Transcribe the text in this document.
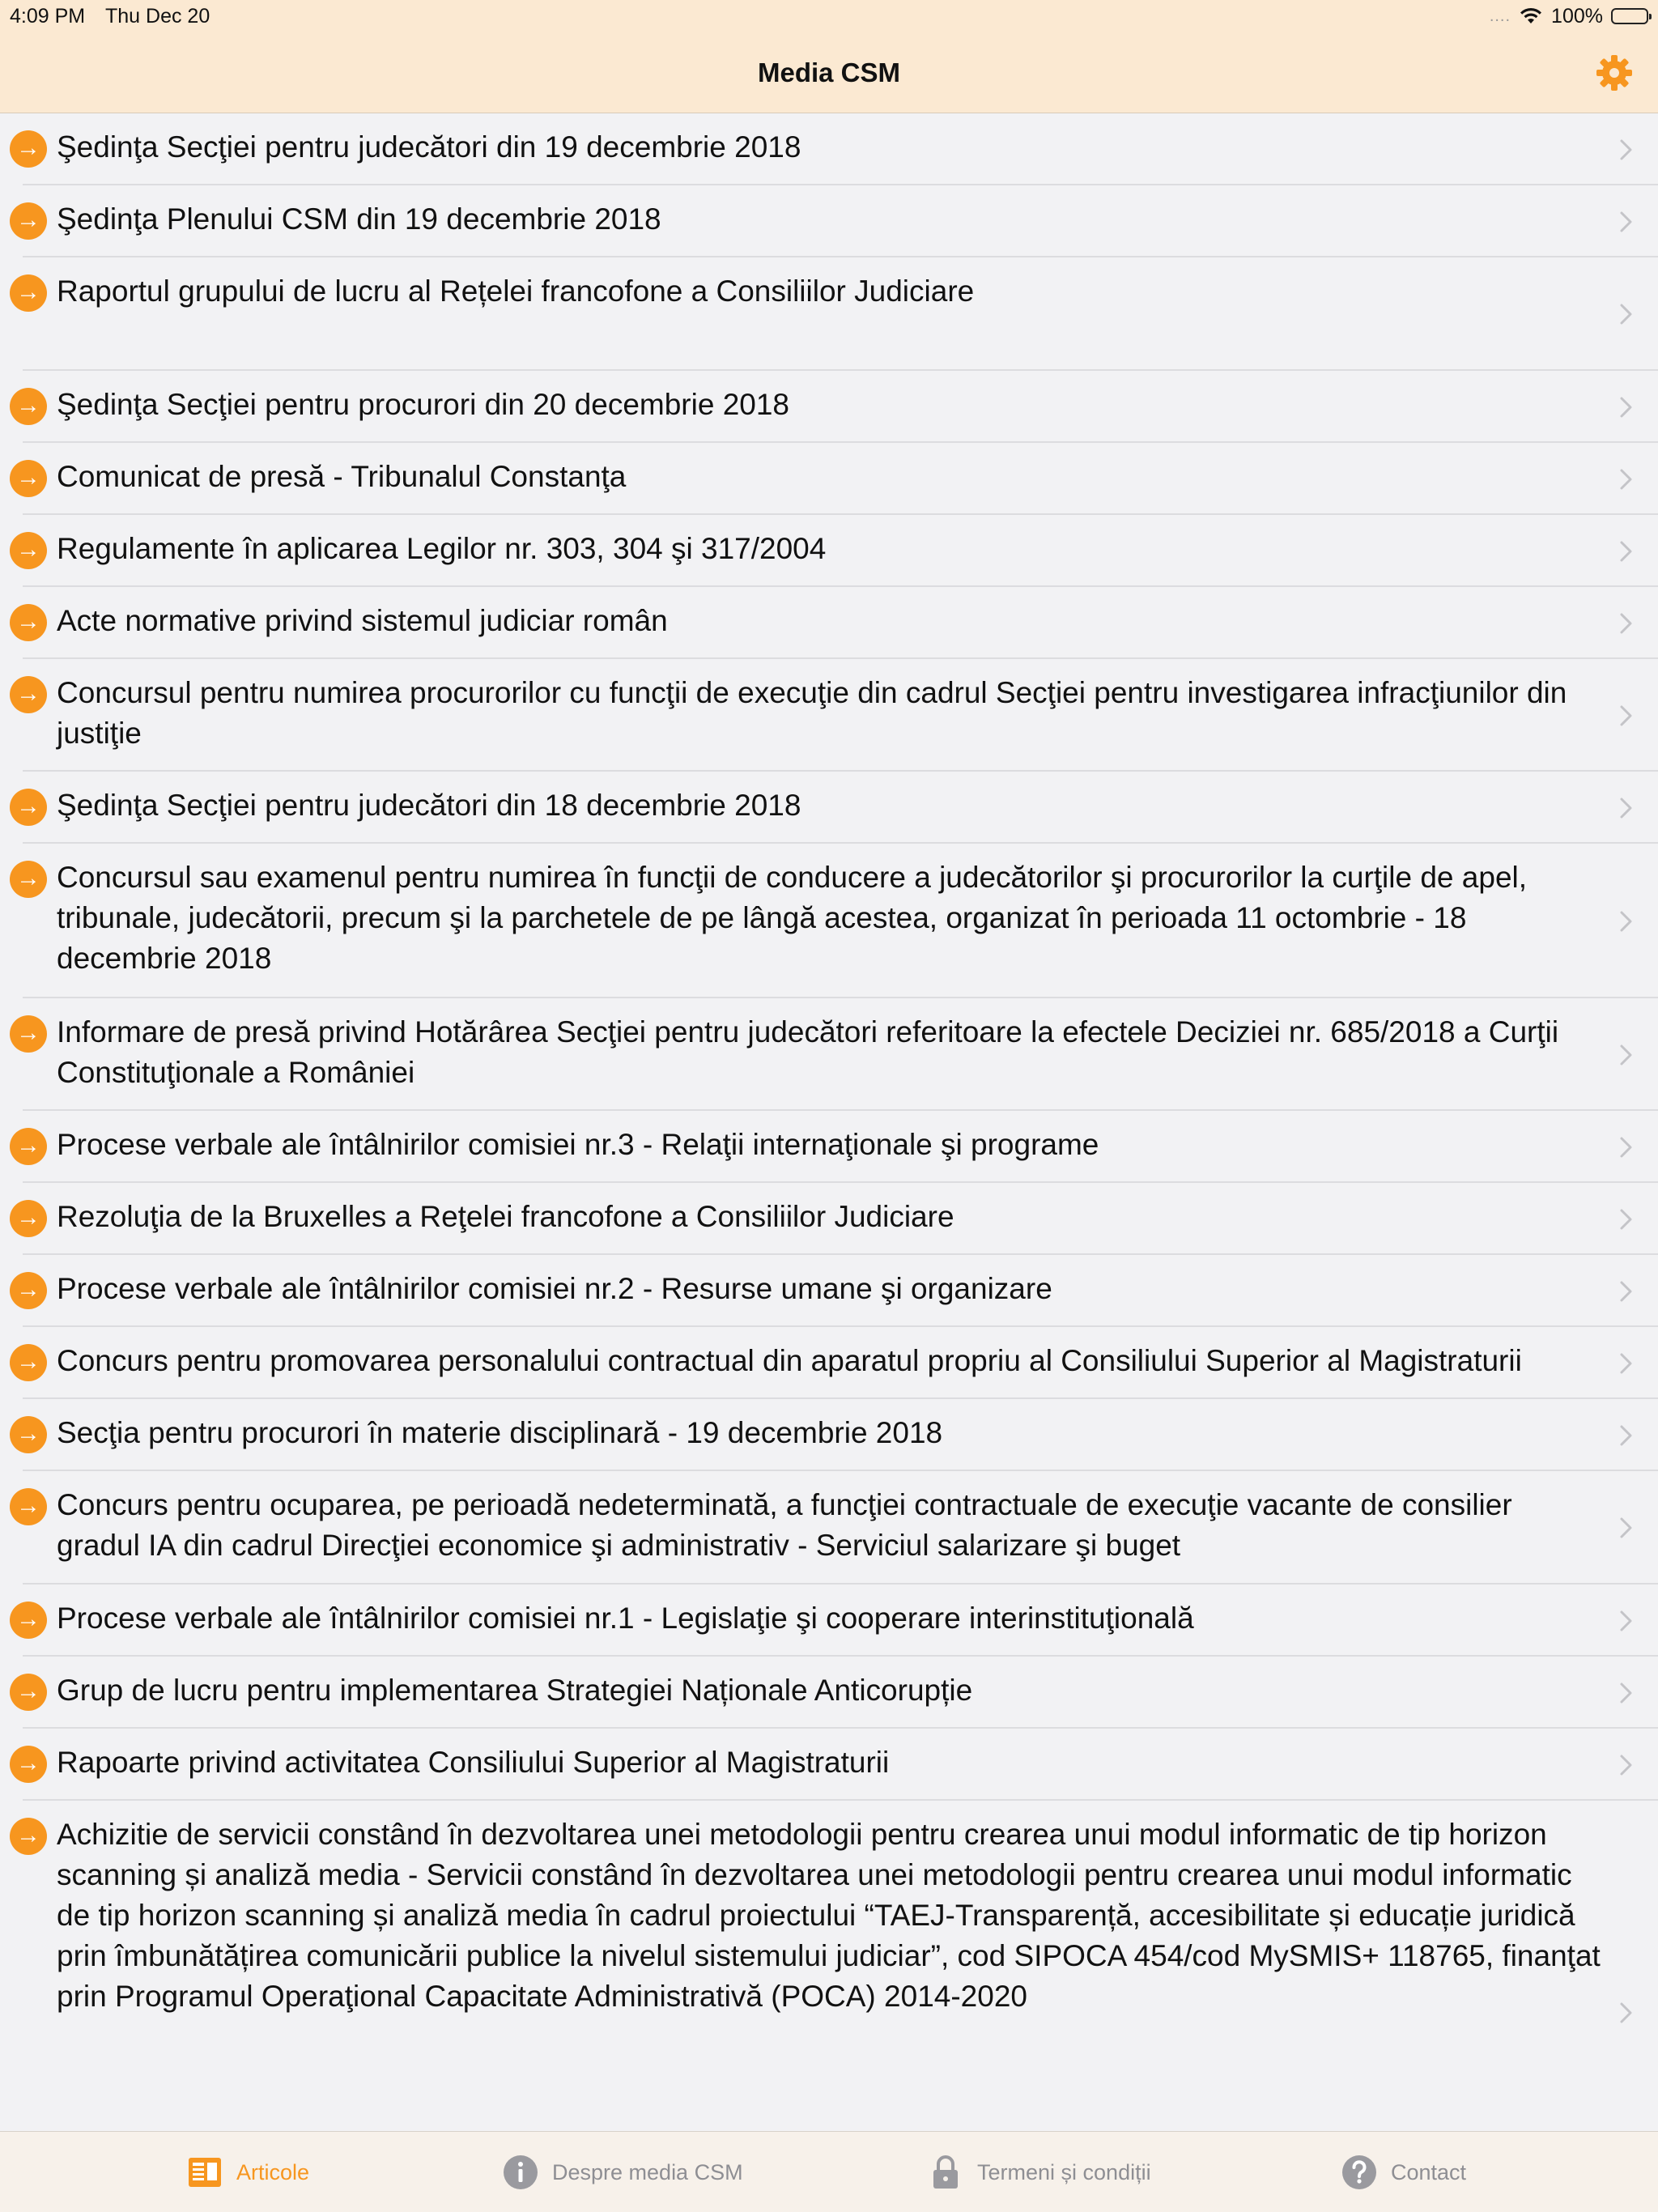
4:09 PM Thu Dec 20	.... 100%
Media CSM
→ Şedinţa Secţiei pentru judecători din 19 decembrie 2018
→ Şedinţa Plenului CSM din 19 decembrie 2018
→ Raportul grupului de lucru al Rețelei francofone a Consiliilor Judiciare
→ Şedinţa Secţiei pentru procurori din 20 decembrie 2018
→ Comunicat de presă - Tribunalul Constanţa
→ Regulamente în aplicarea Legilor nr. 303, 304 şi 317/2004
→ Acte normative privind sistemul judiciar român
→ Concursul pentru numirea procurorilor cu funcţii de execuţie din cadrul Secţiei pentru investigarea infracţiunilor din justiţie
→ Şedinţa Secţiei pentru judecători din 18 decembrie 2018
→ Concursul sau examenul pentru numirea în funcţii de conducere a judecătorilor şi procurorilor la curţile de apel, tribunale, judecătorii, precum şi la parchetele de pe lângă acestea, organizat în perioada 11 octombrie - 18 decembrie 2018
→ Informare de presă privind Hotărârea Secţiei pentru judecători referitoare la efectele Deciziei nr. 685/2018 a Curţii Constituţionale a României
→ Procese verbale ale întâlnirilor comisiei nr.3 - Relaţii internaţionale şi programe
→ Rezoluţia de la Bruxelles a Reţelei francofone a Consiliilor Judiciare
→ Procese verbale ale întâlnirilor comisiei nr.2 - Resurse umane şi organizare
→ Concurs pentru promovarea personalului contractual din aparatul propriu al Consiliului Superior al Magistraturii
→ Secţia pentru procurori în materie disciplinară - 19 decembrie 2018
→ Concurs pentru ocuparea, pe perioadă nedeterminată, a funcţiei contractuale de execuţie vacante de consilier gradul IA din cadrul Direcţiei economice şi administrativ - Serviciul salarizare şi buget
→ Procese verbale ale întâlnirilor comisiei nr.1 - Legislaţie şi cooperare interinstituţională
→ Grup de lucru pentru implementarea Strategiei Naționale Anticorupție
→ Rapoarte privind activitatea Consiliului Superior al Magistraturii
→ Achizitie de servicii constând în dezvoltarea unei metodologii pentru crearea unui modul informatic de tip horizon scanning și analiză media - Servicii constând în dezvoltarea unei metodologii pentru crearea unui modul informatic de tip horizon scanning și analiză media în cadrul proiectului “TAEJ-Transparență, accesibilitate și educație juridică prin îmbunătățirea comunicării publice la nivelul sistemului judiciar”, cod SIPOCA 454/cod MySMIS+ 118765, finanţat prin Programul Operaţional Capacitate Administrativă (POCA) 2014-2020
Articole	Despre media CSM	Termeni și condiții	Contact
